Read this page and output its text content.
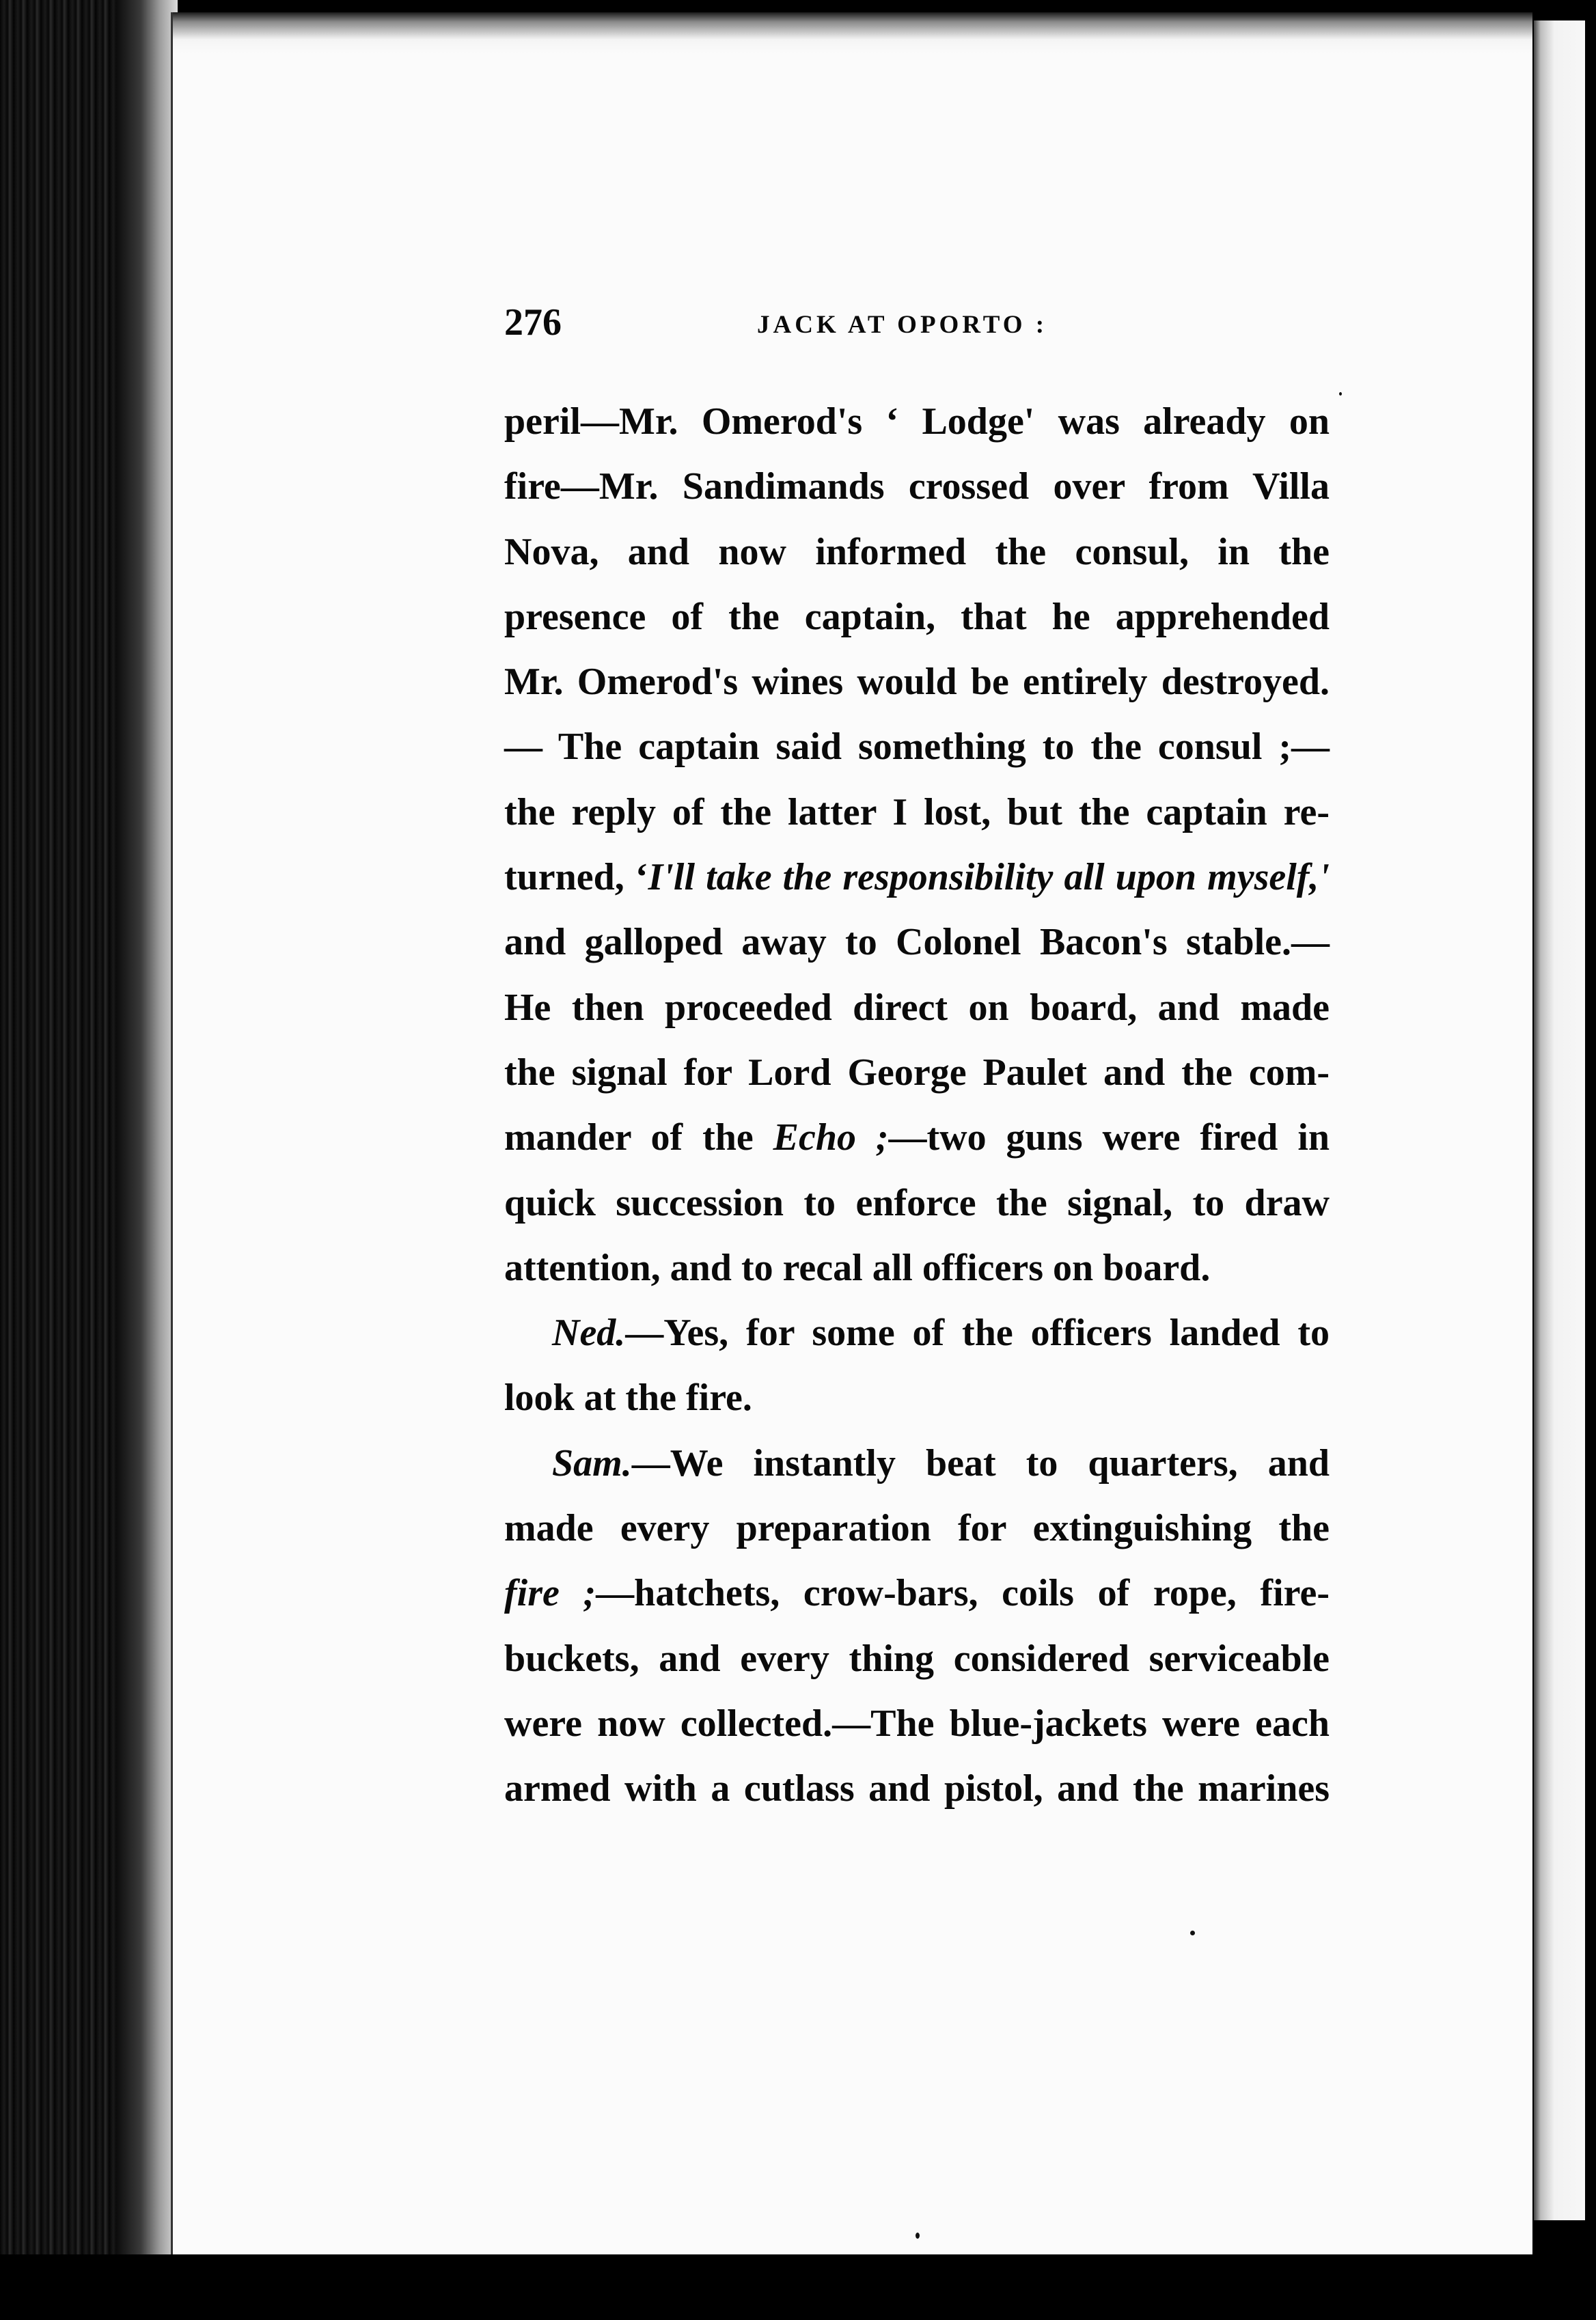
276	JACK AT OPORTO :
peril—Mr. Omerod's ‘ Lodge' was already on
fire—Mr. Sandimands crossed over from Villa
Nova, and now informed the consul, in the
presence of the captain, that he apprehended
Mr. Omerod's wines would be entirely destroyed.
— The captain said something to the consul ;—
the reply of the latter I lost, but the captain re-
turned, ‘I'll take the responsibility all upon myself,'
and galloped away to Colonel Bacon's stable.—
He then proceeded direct on board, and made
the signal for Lord George Paulet and the com-
mander of the Echo ;—two guns were fired in
quick succession to enforce the signal, to draw
attention, and to recal all officers on board.
Ned.—Yes, for some of the officers landed to
look at the fire.
Sam.—We instantly beat to quarters, and
made every preparation for extinguishing the
fire ;—hatchets, crow-bars, coils of rope, fire-
buckets, and every thing considered serviceable
were now collected.—The blue-jackets were each
armed with a cutlass and pistol, and the marines
